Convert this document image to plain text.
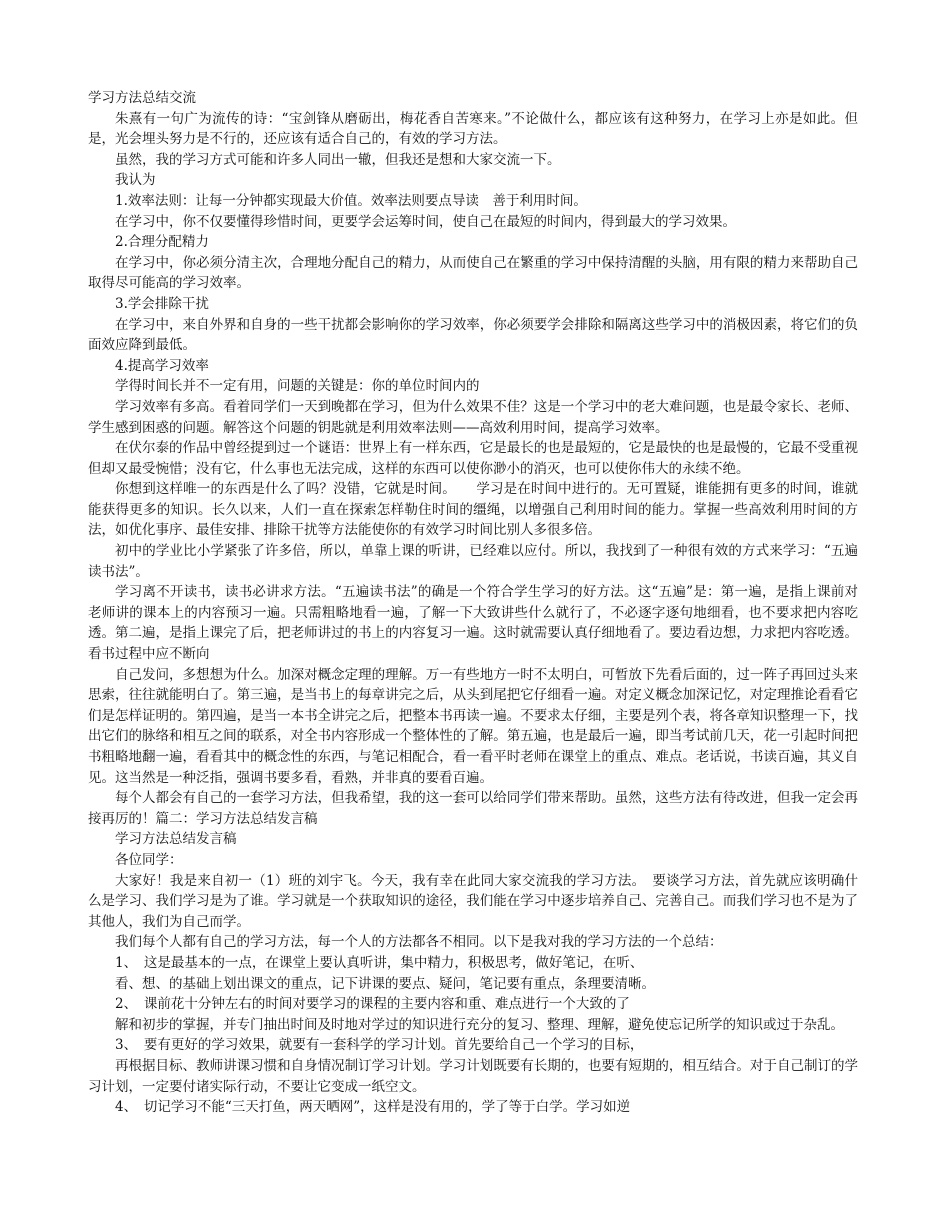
学习方法总结交流
朱熹有一句广为流传的诗：“宝剑锋从磨砺出，梅花香自苦寒来。”不论做什么，都应该有这种努力，在学习上亦是如此。但是，光会埋头努力是不行的，还应该有适合自己的，有效的学习方法。
虽然，我的学习方式可能和许多人同出一辙，但我还是想和大家交流一下。
我认为
1.效率法则：让每一分钟都实现最大价值。效率法则要点导读　善于利用时间。
在学习中，你不仅要懂得珍惜时间，更要学会运筹时间，使自己在最短的时间内，得到最大的学习效果。
2.合理分配精力
在学习中，你必须分清主次，合理地分配自己的精力，从而使自己在繁重的学习中保持清醒的头脑，用有限的精力来帮助自己取得尽可能高的学习效率。
3.学会排除干扰
在学习中，来自外界和自身的一些干扰都会影响你的学习效率，你必须要学会排除和隔离这些学习中的消极因素，将它们的负面效应降到最低。
4.提高学习效率
学得时间长并不一定有用，问题的关键是：你的单位时间内的
学习效率有多高。看着同学们一天到晚都在学习，但为什么效果不佳？这是一个学习中的老大难问题，也是最令家长、老师、学生感到困惑的问题。解答这个问题的钥匙就是利用效率法则——高效利用时间，提高学习效率。
在伏尔泰的作品中曾经提到过一个谜语：世界上有一样东西，它是最长的也是最短的，它是最快的也是最慢的，它最不受重视但却又最受惋惜；没有它，什么事也无法完成，这样的东西可以使你渺小的消灭，也可以使你伟大的永续不绝。
你想到这样唯一的东西是什么了吗？没错，它就是时间。　　学习是在时间中进行的。无可置疑，谁能拥有更多的时间，谁就能获得更多的知识。长久以来，人们一直在探索怎样勒住时间的缰绳，以增强自己利用时间的能力。掌握一些高效利用时间的方法，如优化事序、最佳安排、排除干扰等方法能使你的有效学习时间比别人多很多倍。
初中的学业比小学紧张了许多倍，所以，单靠上课的听讲，已经难以应付。所以，我找到了一种很有效的方式来学习：“五遍读书法”。
学习离不开读书，读书必讲求方法。“五遍读书法”的确是一个符合学生学习的好方法。这“五遍”是：第一遍，是指上课前对老师讲的课本上的内容预习一遍。只需粗略地看一遍，了解一下大致讲些什么就行了，不必逐字逐句地细看，也不要求把内容吃透。第二遍，是指上课完了后，把老师讲过的书上的内容复习一遍。这时就需要认真仔细地看了。要边看边想，力求把内容吃透。看书过程中应不断向
自己发问，多想想为什么。加深对概念定理的理解。万一有些地方一时不太明白，可暂放下先看后面的，过一阵子再回过头来思索，往往就能明白了。第三遍，是当书上的每章讲完之后，从头到尾把它仔细看一遍。对定义概念加深记忆，对定理推论看看它们是怎样证明的。第四遍，是当一本书全讲完之后，把整本书再读一遍。不要求太仔细，主要是列个表，将各章知识整理一下，找出它们的脉络和相互之间的联系，对全书内容形成一个整体性的了解。第五遍，也是最后一遍，即当考试前几天，花一引起时间把书粗略地翻一遍，看看其中的概念性的东西，与笔记相配合，看一看平时老师在课堂上的重点、难点。老话说，书读百遍，其义自见。这当然是一种泛指，强调书要多看，看熟，并非真的要看百遍。
每个人都会有自己的一套学习方法，但我希望，我的这一套可以给同学们带来帮助。虽然，这些方法有待改进，但我一定会再接再厉的！篇二：学习方法总结发言稿
学习方法总结发言稿
各位同学：
大家好！我是来自初一（1）班的刘宇飞。今天，我有幸在此同大家交流我的学习方法。　要谈学习方法，首先就应该明确什么是学习、我们学习是为了谁。学习就是一个获取知识的途径，我们能在学习中逐步培养自己、完善自己。而我们学习也不是为了其他人，我们为自己而学。
我们每个人都有自己的学习方法，每一个人的方法都各不相同。以下是我对我的学习方法的一个总结：
1、　这是最基本的一点，在课堂上要认真听讲，集中精力，积极思考，做好笔记，在听、
看、想、的基础上划出课文的重点，记下讲课的要点、疑问，笔记要有重点，条理要清晰。
2、　课前花十分钟左右的时间对要学习的课程的主要内容和重、难点进行一个大致的了
解和初步的掌握，并专门抽出时间及时地对学过的知识进行充分的复习、整理、理解，避免使忘记所学的知识或过于杂乱。
3、　要有更好的学习效果，就要有一套科学的学习计划。首先要给自己一个学习的目标，
再根据目标、教师讲课习惯和自身情况制订学习计划。学习计划既要有长期的，也要有短期的，相互结合。对于自己制订的学习计划，一定要付诸实际行动，不要让它变成一纸空文。
4、　切记学习不能“三天打鱼，两天晒网”，这样是没有用的，学了等于白学。学习如逆
